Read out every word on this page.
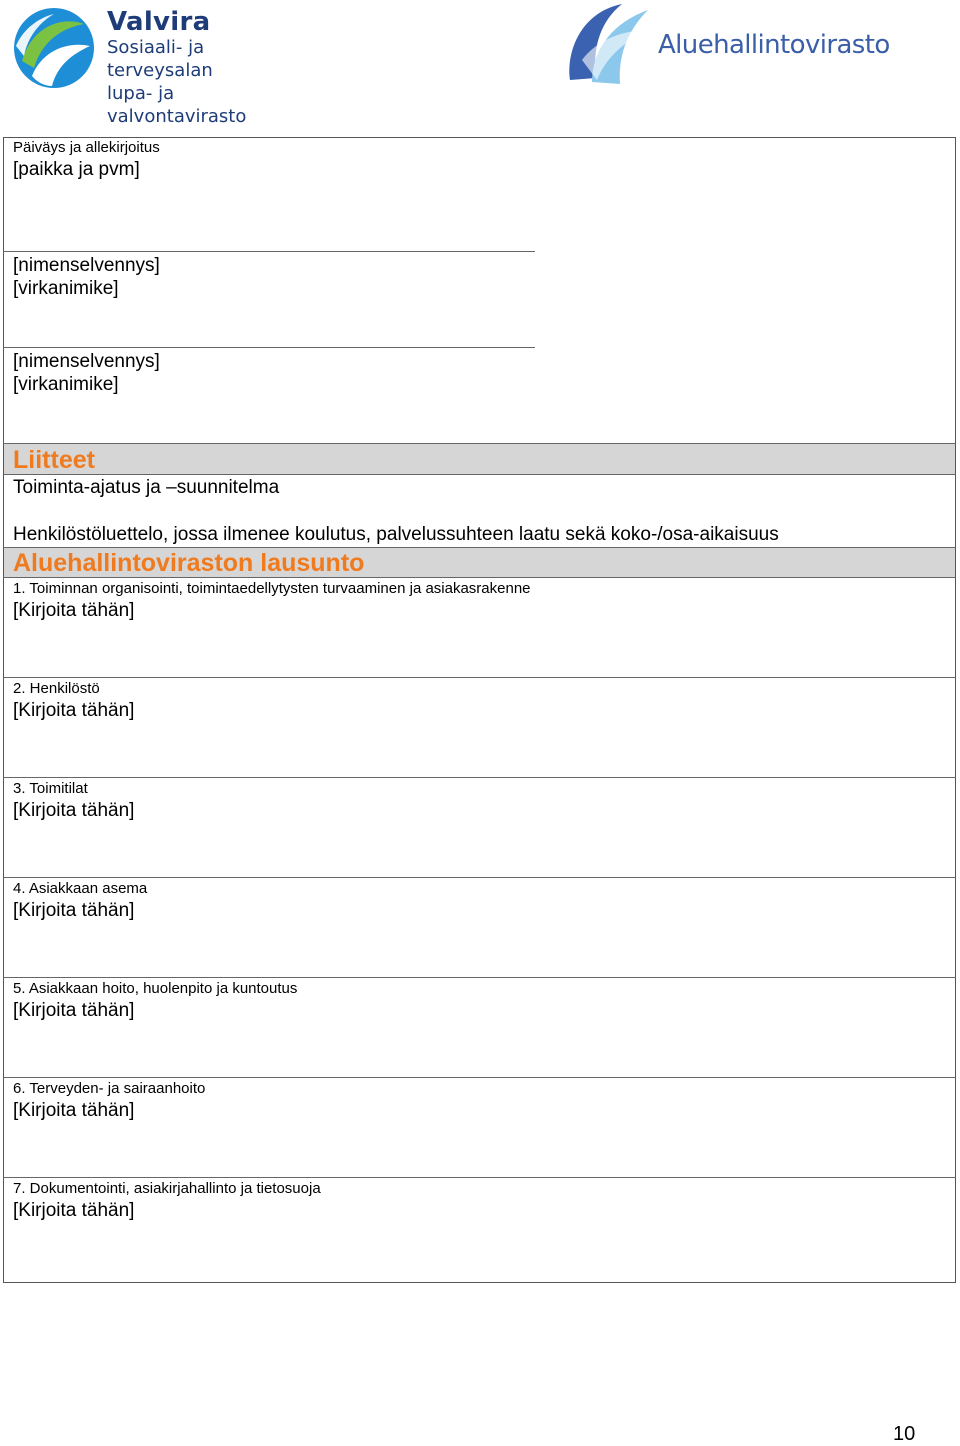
Valvira
Sosiaali- ja terveysalan
lupa- ja valvontavirasto
Aluehallintovirasto
Päiväys ja allekirjoitus
[paikka ja pvm]
[nimenselvennys]
[virkanimike]
[nimenselvennys]
[virkanimike]
Liitteet
Toiminta-ajatus ja –suunnitelma
Henkilöstöluettelo, jossa ilmenee koulutus, palvelussuhteen laatu sekä koko-/osa-aikaisuus
Aluehallintoviraston lausunto
1. Toiminnan organisointi, toimintaedellytysten turvaaminen ja asiakasrakenne
[Kirjoita tähän]
2. Henkilöstö
[Kirjoita tähän]
3. Toimitilat
[Kirjoita tähän]
4. Asiakkaan asema
[Kirjoita tähän]
5. Asiakkaan hoito, huolenpito ja kuntoutus
[Kirjoita tähän]
6. Terveyden- ja sairaanhoito
[Kirjoita tähän]
7. Dokumentointi, asiakirjahallinto ja tietosuoja
[Kirjoita tähän]
10
